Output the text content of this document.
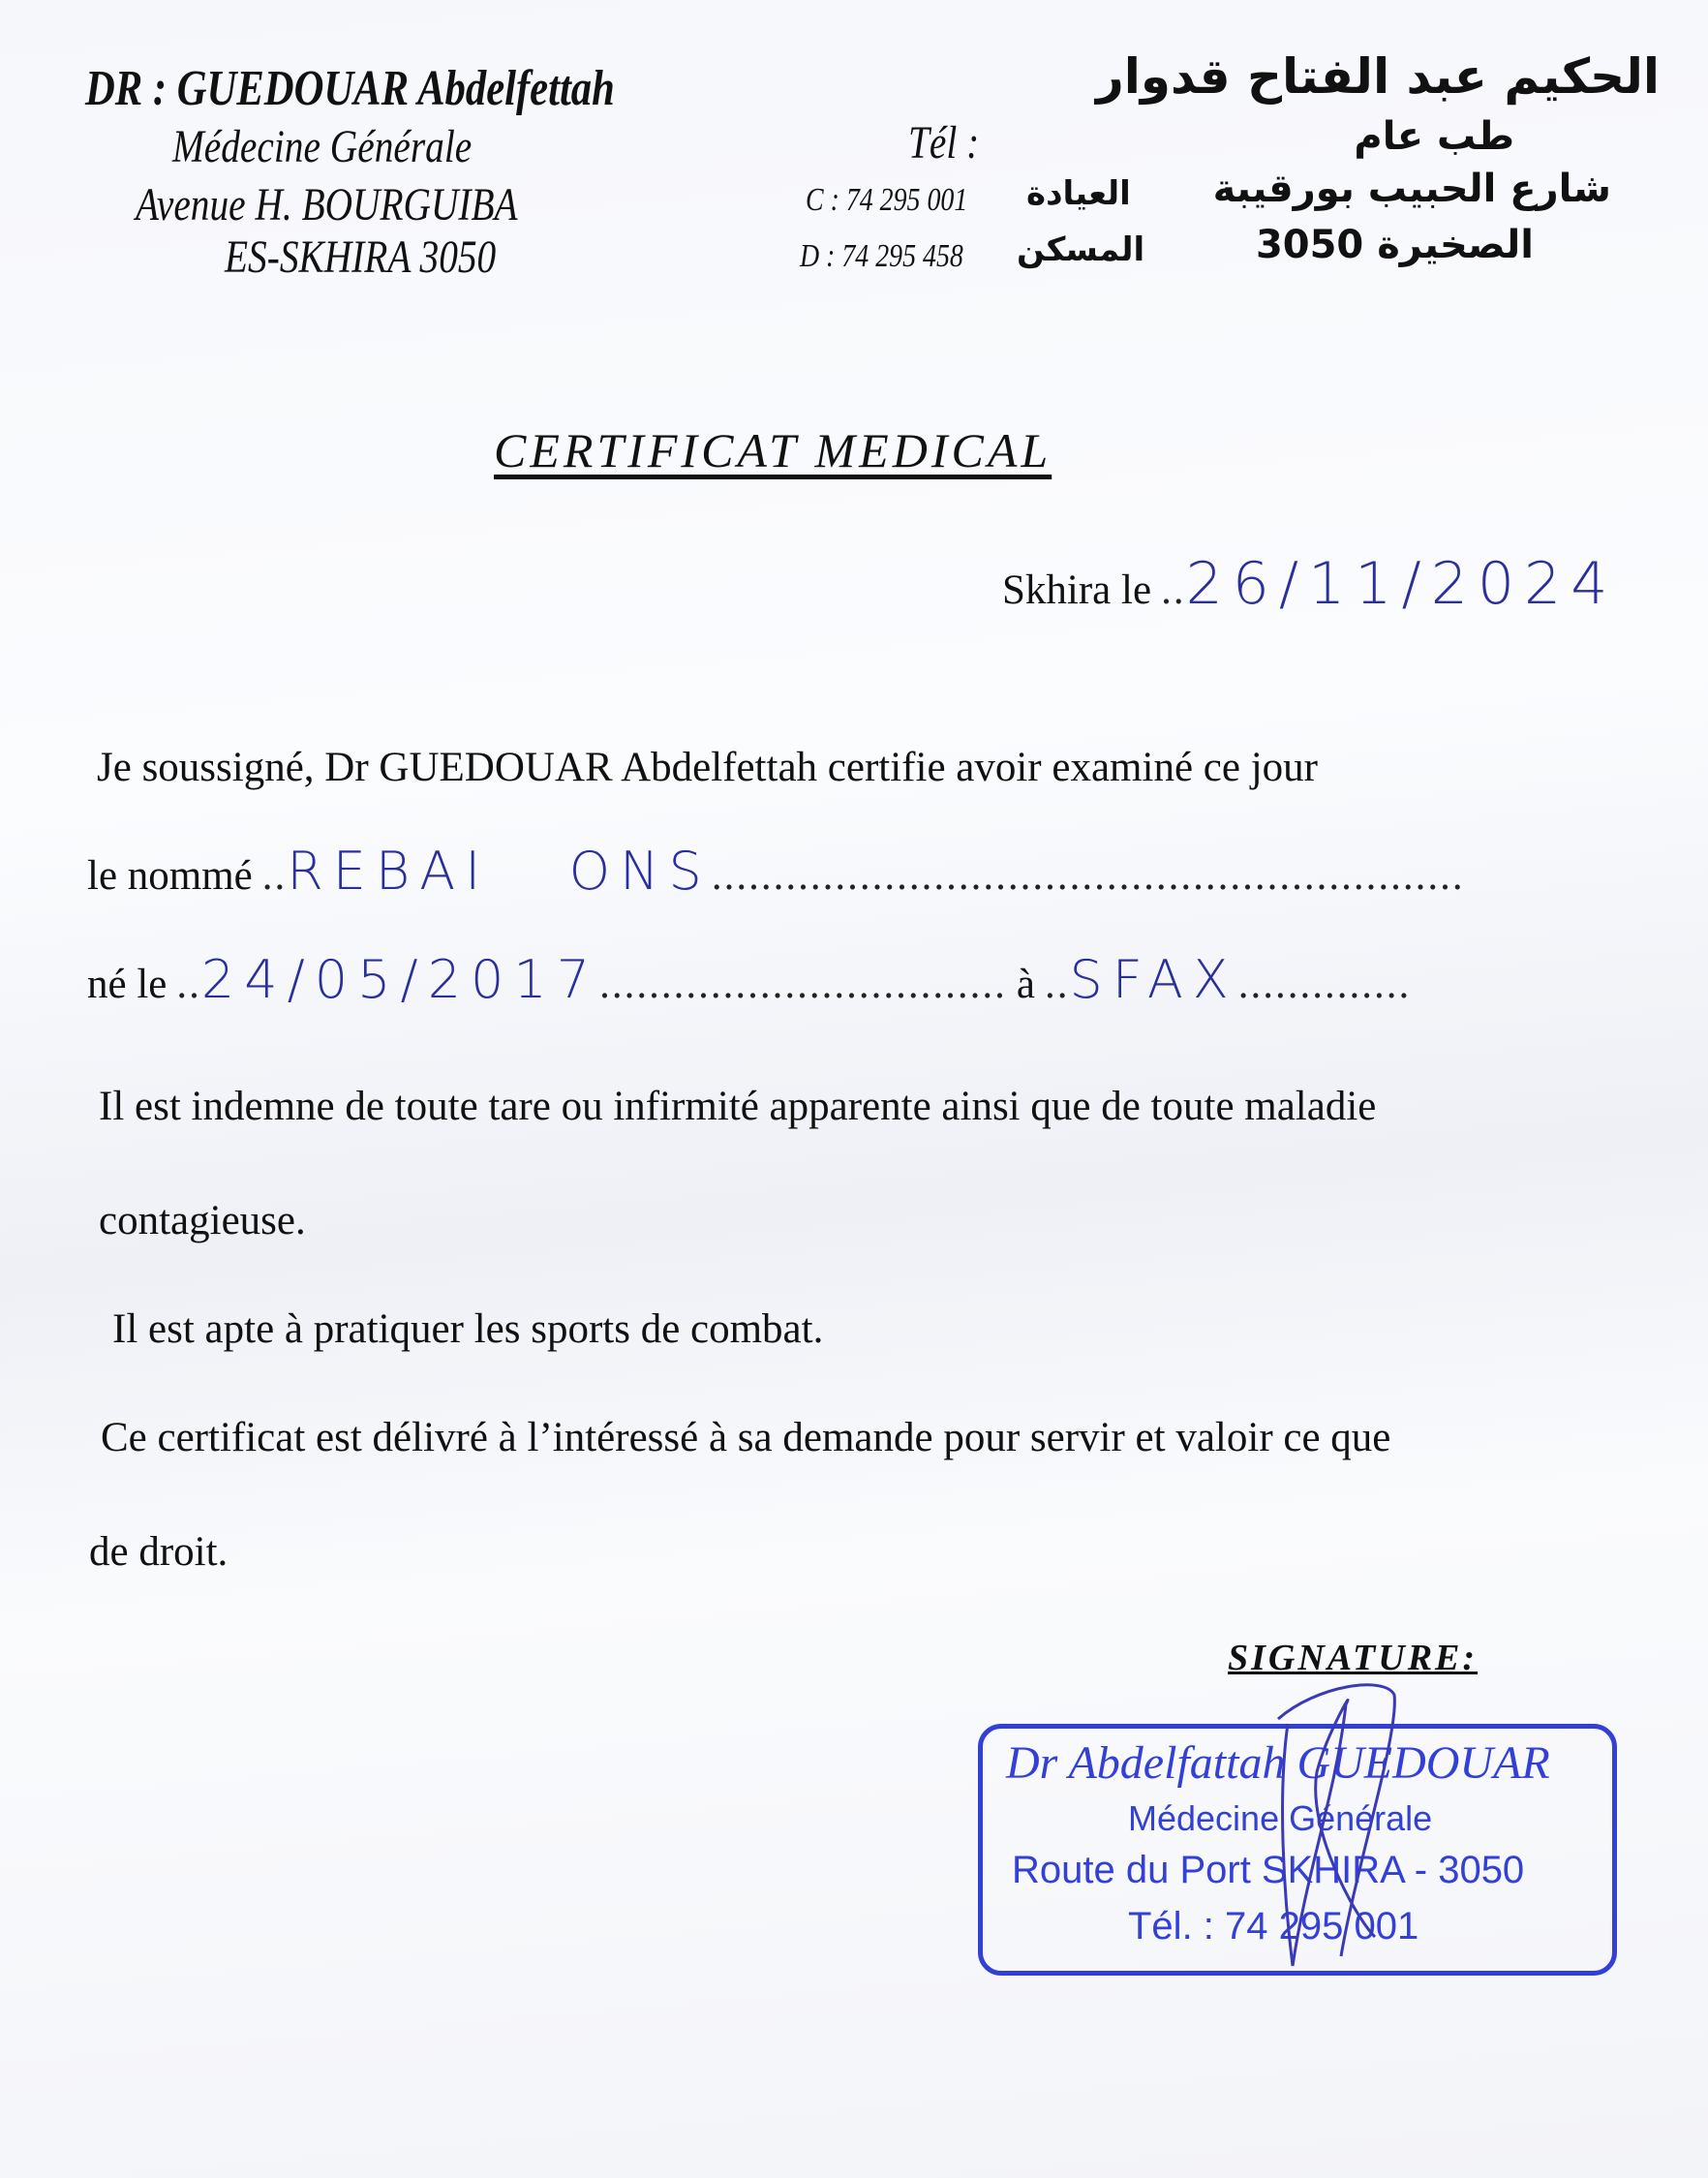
DR : GUEDOUAR Abdelfettah
Médecine Générale
Avenue H. BOURGUIBA
ES-SKHIRA 3050
Tél :
C : 74 295 001 العيادة
D : 74 295 458 المسكن
الحكيم عبد الفتاح قدوار
طب عام
شارع الحبيب بورقيبة
الصخيرة 3050
CERTIFICAT MEDICAL
Skhira le .. 26/11/2024
Je soussigné, Dr GUEDOUAR Abdelfettah certifie avoir examiné ce jour
le nommé .. REBAI   ONS .............................................................
né le .. 24/05/2017 ................................. à .. SFAX ..............
Il est indemne de toute tare ou infirmité apparente ainsi que de toute maladie
contagieuse.
Il est apte à pratiquer les sports de combat.
Ce certificat est délivré à l’intéressé à sa demande pour servir et valoir ce que
de droit.
SIGNATURE:
Dr Abdelfattah GUEDOUAR
Médecine Générale
Route du Port SKHIRA - 3050
Tél. : 74 295 001
